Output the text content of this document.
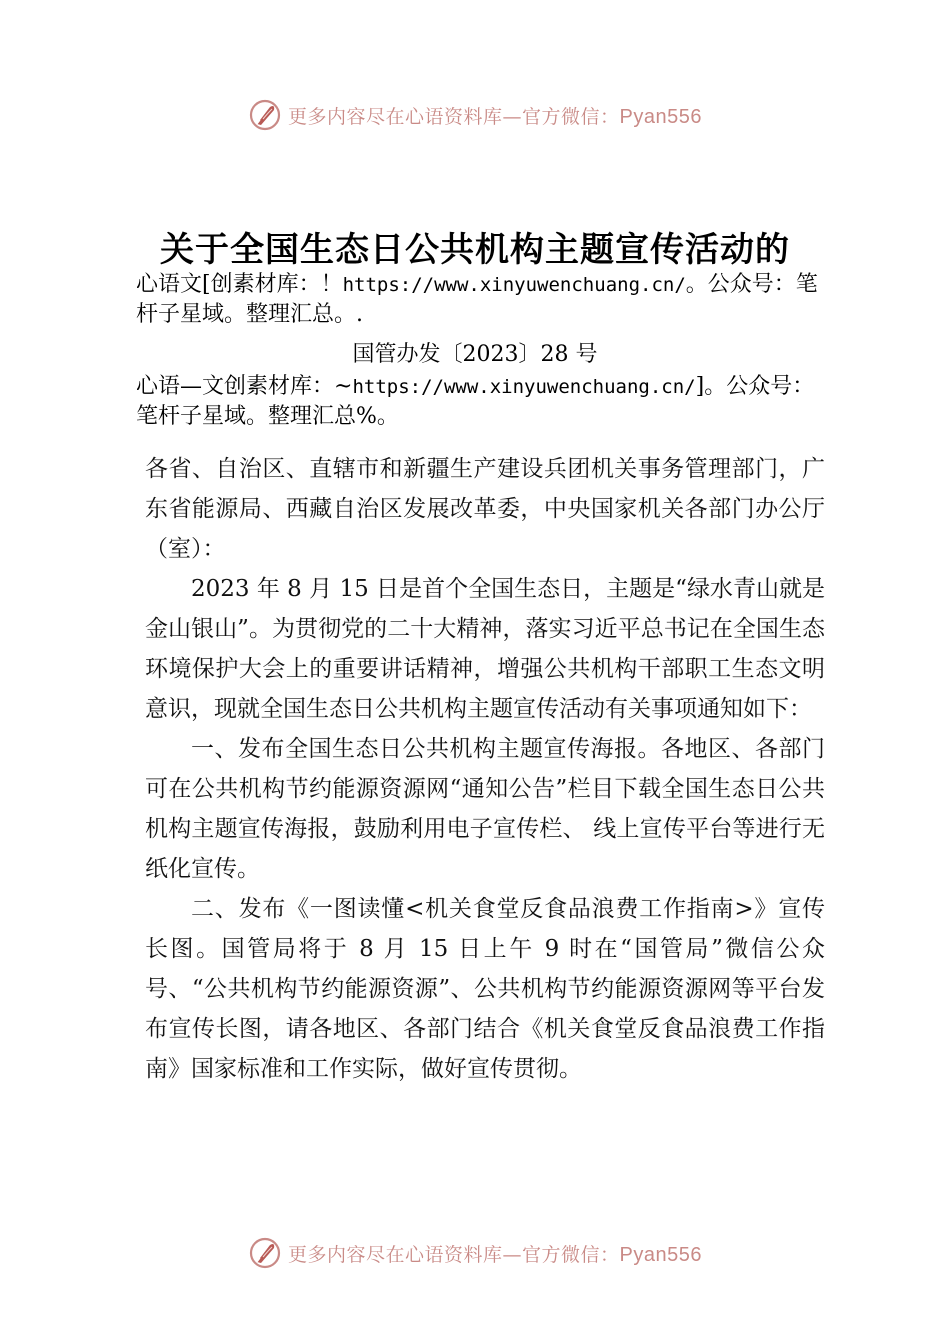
更多内容尽在心语资料库—官方微信：Pyan556
关于全国生态日公共机构主题宣传活动的
心语文[创素材库：！https://www.xinyuwenchuang.cn/。公众号：笔杆子星域。整理汇总。.
国管办发〔2023〕28 号
心语—文创素材库：~https://www.xinyuwenchuang.cn/]。公众号：笔杆子星域。整理汇总%。

各省、自治区、直辖市和新疆生产建设兵团机关事务管理部门，广东省能源局、西藏自治区发展改革委，中央国家机关各部门办公厅（室）：

2023 年 8 月 15 日是首个全国生态日，主题是“绿水青山就是金山银山”。为贯彻党的二十大精神，落实习近平总书记在全国生态环境保护大会上的重要讲话精神，增强公共机构干部职工生态文明意识，现就全国生态日公共机构主题宣传活动有关事项通知如下：

一、发布全国生态日公共机构主题宣传海报。各地区、各部门可在公共机构节约能源资源网“通知公告”栏目下载全国生态日公共机构主题宣传海报，鼓励利用电子宣传栏、 线上宣传平台等进行无纸化宣传。

二、发布《一图读懂<机关食堂反食品浪费工作指南>》宣传长图。国管局将于 8 月 15 日上午 9 时在“国管局”微信公众号、“公共机构节约能源资源”、公共机构节约能源资源网等平台发布宣传长图，请各地区、各部门结合《机关食堂反食品浪费工作指南》国家标准和工作实际，做好宣传贯彻。

更多内容尽在心语资料库—官方微信：Pyan556
